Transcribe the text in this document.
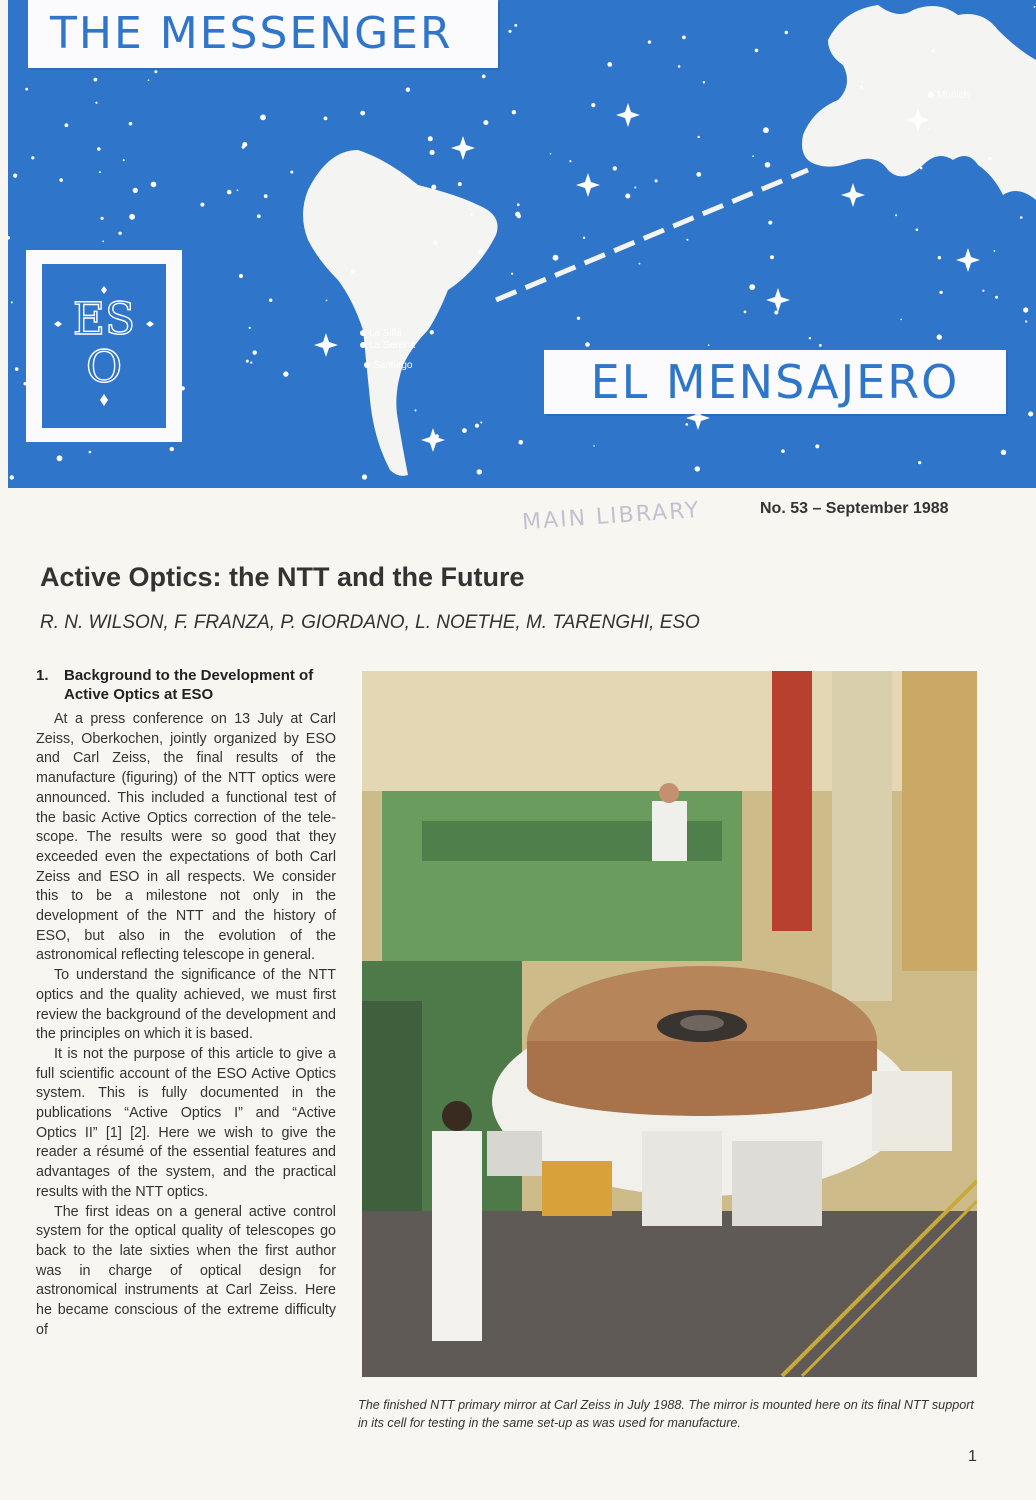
THE MESSENGER
EL MENSAJERO
ES
O
Munich
La Silla
La Serena
Santiago
MAIN LIBRARY	No. 53 – September 1988
Active Optics: the NTT and the Future
R. N. WILSON, F. FRANZA, P. GIORDANO, L. NOETHE, M. TARENGHI, ESO
1.	Background to the Development of Active Optics at ESO

At a press conference on 13 July at Carl Zeiss, Oberkochen, jointly organized by ESO and Carl Zeiss, the final results of the manufacture (figuring) of the NTT optics were announced. This included a functional test of the basic Active Optics correction of the telescope. The results were so good that they exceeded even the expectations of both Carl Zeiss and ESO in all respects. We consider this to be a milestone not only in the development of the NTT and the history of ESO, but also in the evolution of the astronomical reflecting telescope in general.

To understand the significance of the NTT optics and the quality achieved, we must first review the background of the development and the principles on which it is based.

It is not the purpose of this article to give a full scientific account of the ESO Active Optics system. This is fully documented in the publications “Active Optics I” and “Active Optics II” [1] [2]. Here we wish to give the reader a résumé of the essential features and advantages of the system, and the practical results with the NTT optics.

The first ideas on a general active control system for the optical quality of telescopes go back to the late sixties when the first author was in charge of optical design for astronomical instruments at Carl Zeiss. Here he became conscious of the extreme difficulty of

The finished NTT primary mirror at Carl Zeiss in July 1988. The mirror is mounted here on its final NTT support in its cell for testing in the same set-up as was used for manufacture.
1
